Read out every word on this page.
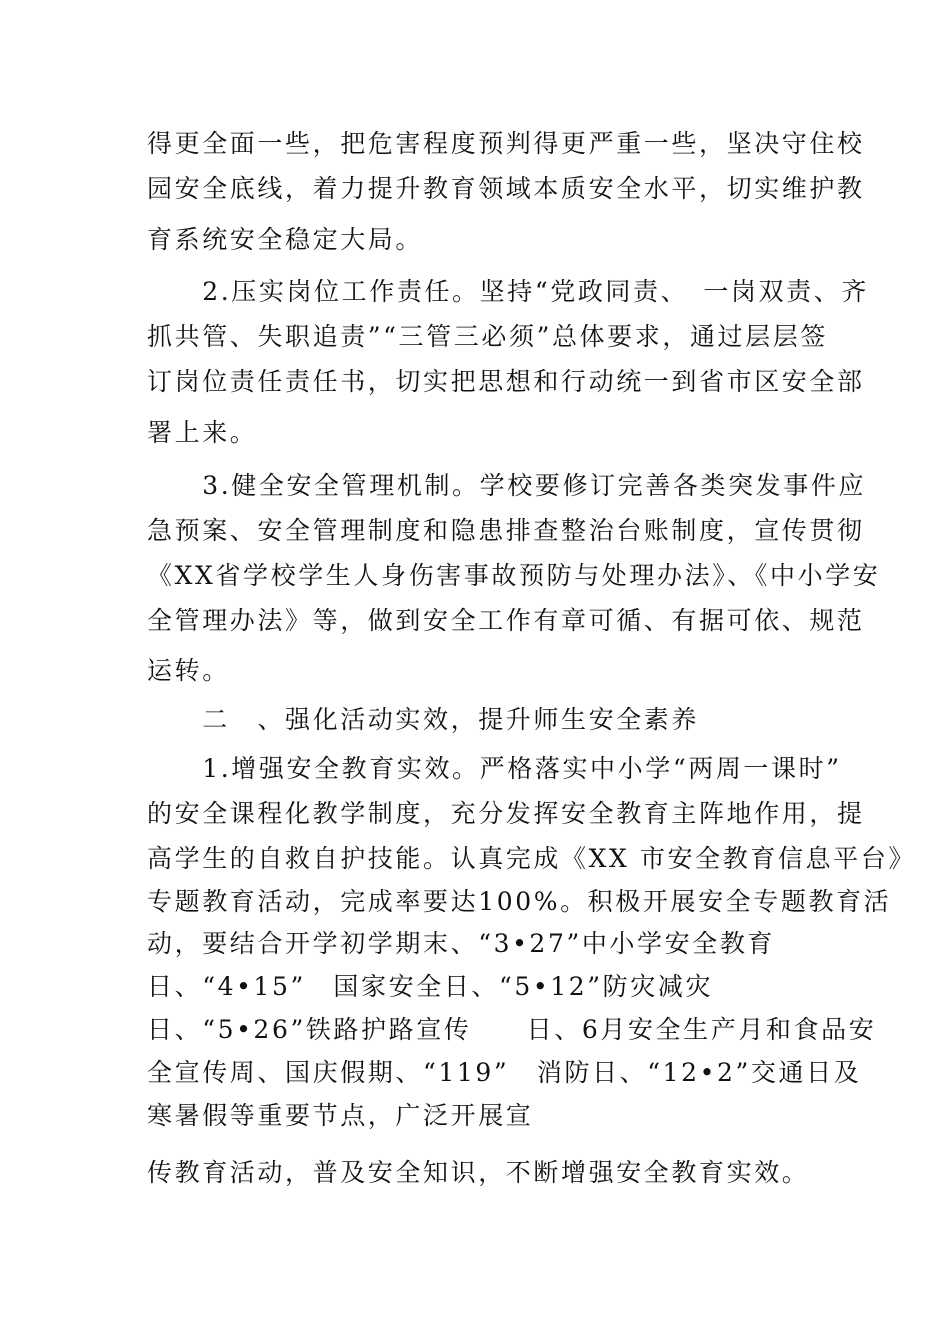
得更全面一些，把危害程度预判得更严重一些，坚决守住校
园安全底线，着力提升教育领域本质安全水平，切实维护教
育系统安全稳定大局。
　　2.压实岗位工作责任。坚持“党政同责、　一岗双责、齐
抓共管、失职追责”“三管三必须”总体要求，通过层层签
订岗位责任责任书，切实把思想和行动统一到省市区安全部
署上来。
　　3.健全安全管理机制。学校要修订完善各类突发事件应
急预案、安全管理制度和隐患排查整治台账制度，宣传贯彻
《XX省学校学生人身伤害事故预防与处理办法》、《中小学安
全管理办法》等，做到安全工作有章可循、有据可依、规范
运转。
　　二　、强化活动实效，提升师生安全素养
　　1.增强安全教育实效。严格落实中小学“两周一课时”
的安全课程化教学制度，充分发挥安全教育主阵地作用，提
高学生的自救自护技能。认真完成《XX 市安全教育信息平台》
专题教育活动，完成率要达100%。积极开展安全专题教育活
动，要结合开学初学期末、“3•27”中小学安全教育
日、“4•15”　国家安全日、“5•12”防灾减灾
日、“5•26”铁路护路宣传　　日、6月安全生产月和食品安
全宣传周、国庆假期、“119”　消防日、“12•2”交通日及
寒暑假等重要节点，广泛开展宣
传教育活动，普及安全知识，不断增强安全教育实效。
